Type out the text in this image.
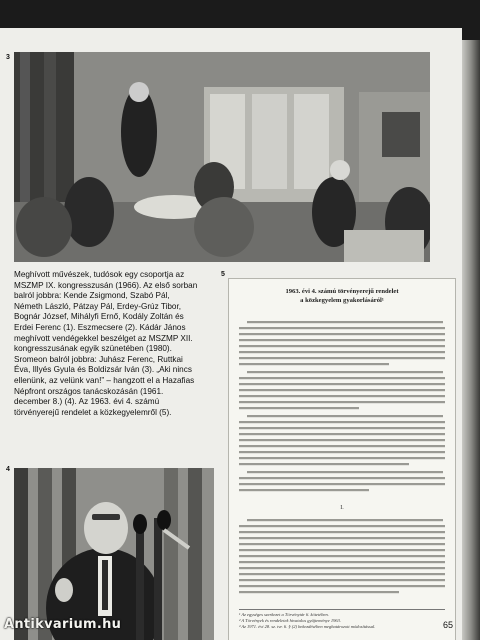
3

Meghívott művészek, tudósok egy csoportja az

MSZMP IX. kongresszusán (1966). Az első sorban

balról jobbra: Kende Zsigmond, Szabó Pál,

Németh László, Pátzay Pál, Erdey-Grúz Tibor,

Bognár József, Mihályfi Ernő, Kodály Zoltán és

Erdei Ferenc (1). Eszmecsere (2). Kádár János

meghívott vendégekkel beszélget az MSZMP XII.

kongresszusának egyik szünetében (1980).

Sromeon balról jobbra: Juhász Ferenc, Ruttkai

Éva, Illyés Gyula és Boldizsár Iván (3). „Aki nincs

ellenünk, az velünk van!” – hangzott el a Hazafias

Népfront országos tanácskozásán (1961.

december 8.) (4). Az 1963. évi 4. számú

törvényerejű rendelet a közkegyelemről (5).

5
4
1963. évi 4. számú törvényerejű rendelet
a közkegyelem gyakorlásáról¹
I.

¹ Az egységes szerkezet a Törvénytár 6. kötetében.

² A Törvények és rendeletek hivatalos gyűjteménye 1963.

³ Az 1971. évi 28. sz. tvr. 6. § (2) bekezdésében meghatározott módosítással.	65
Antikvarium.hu
